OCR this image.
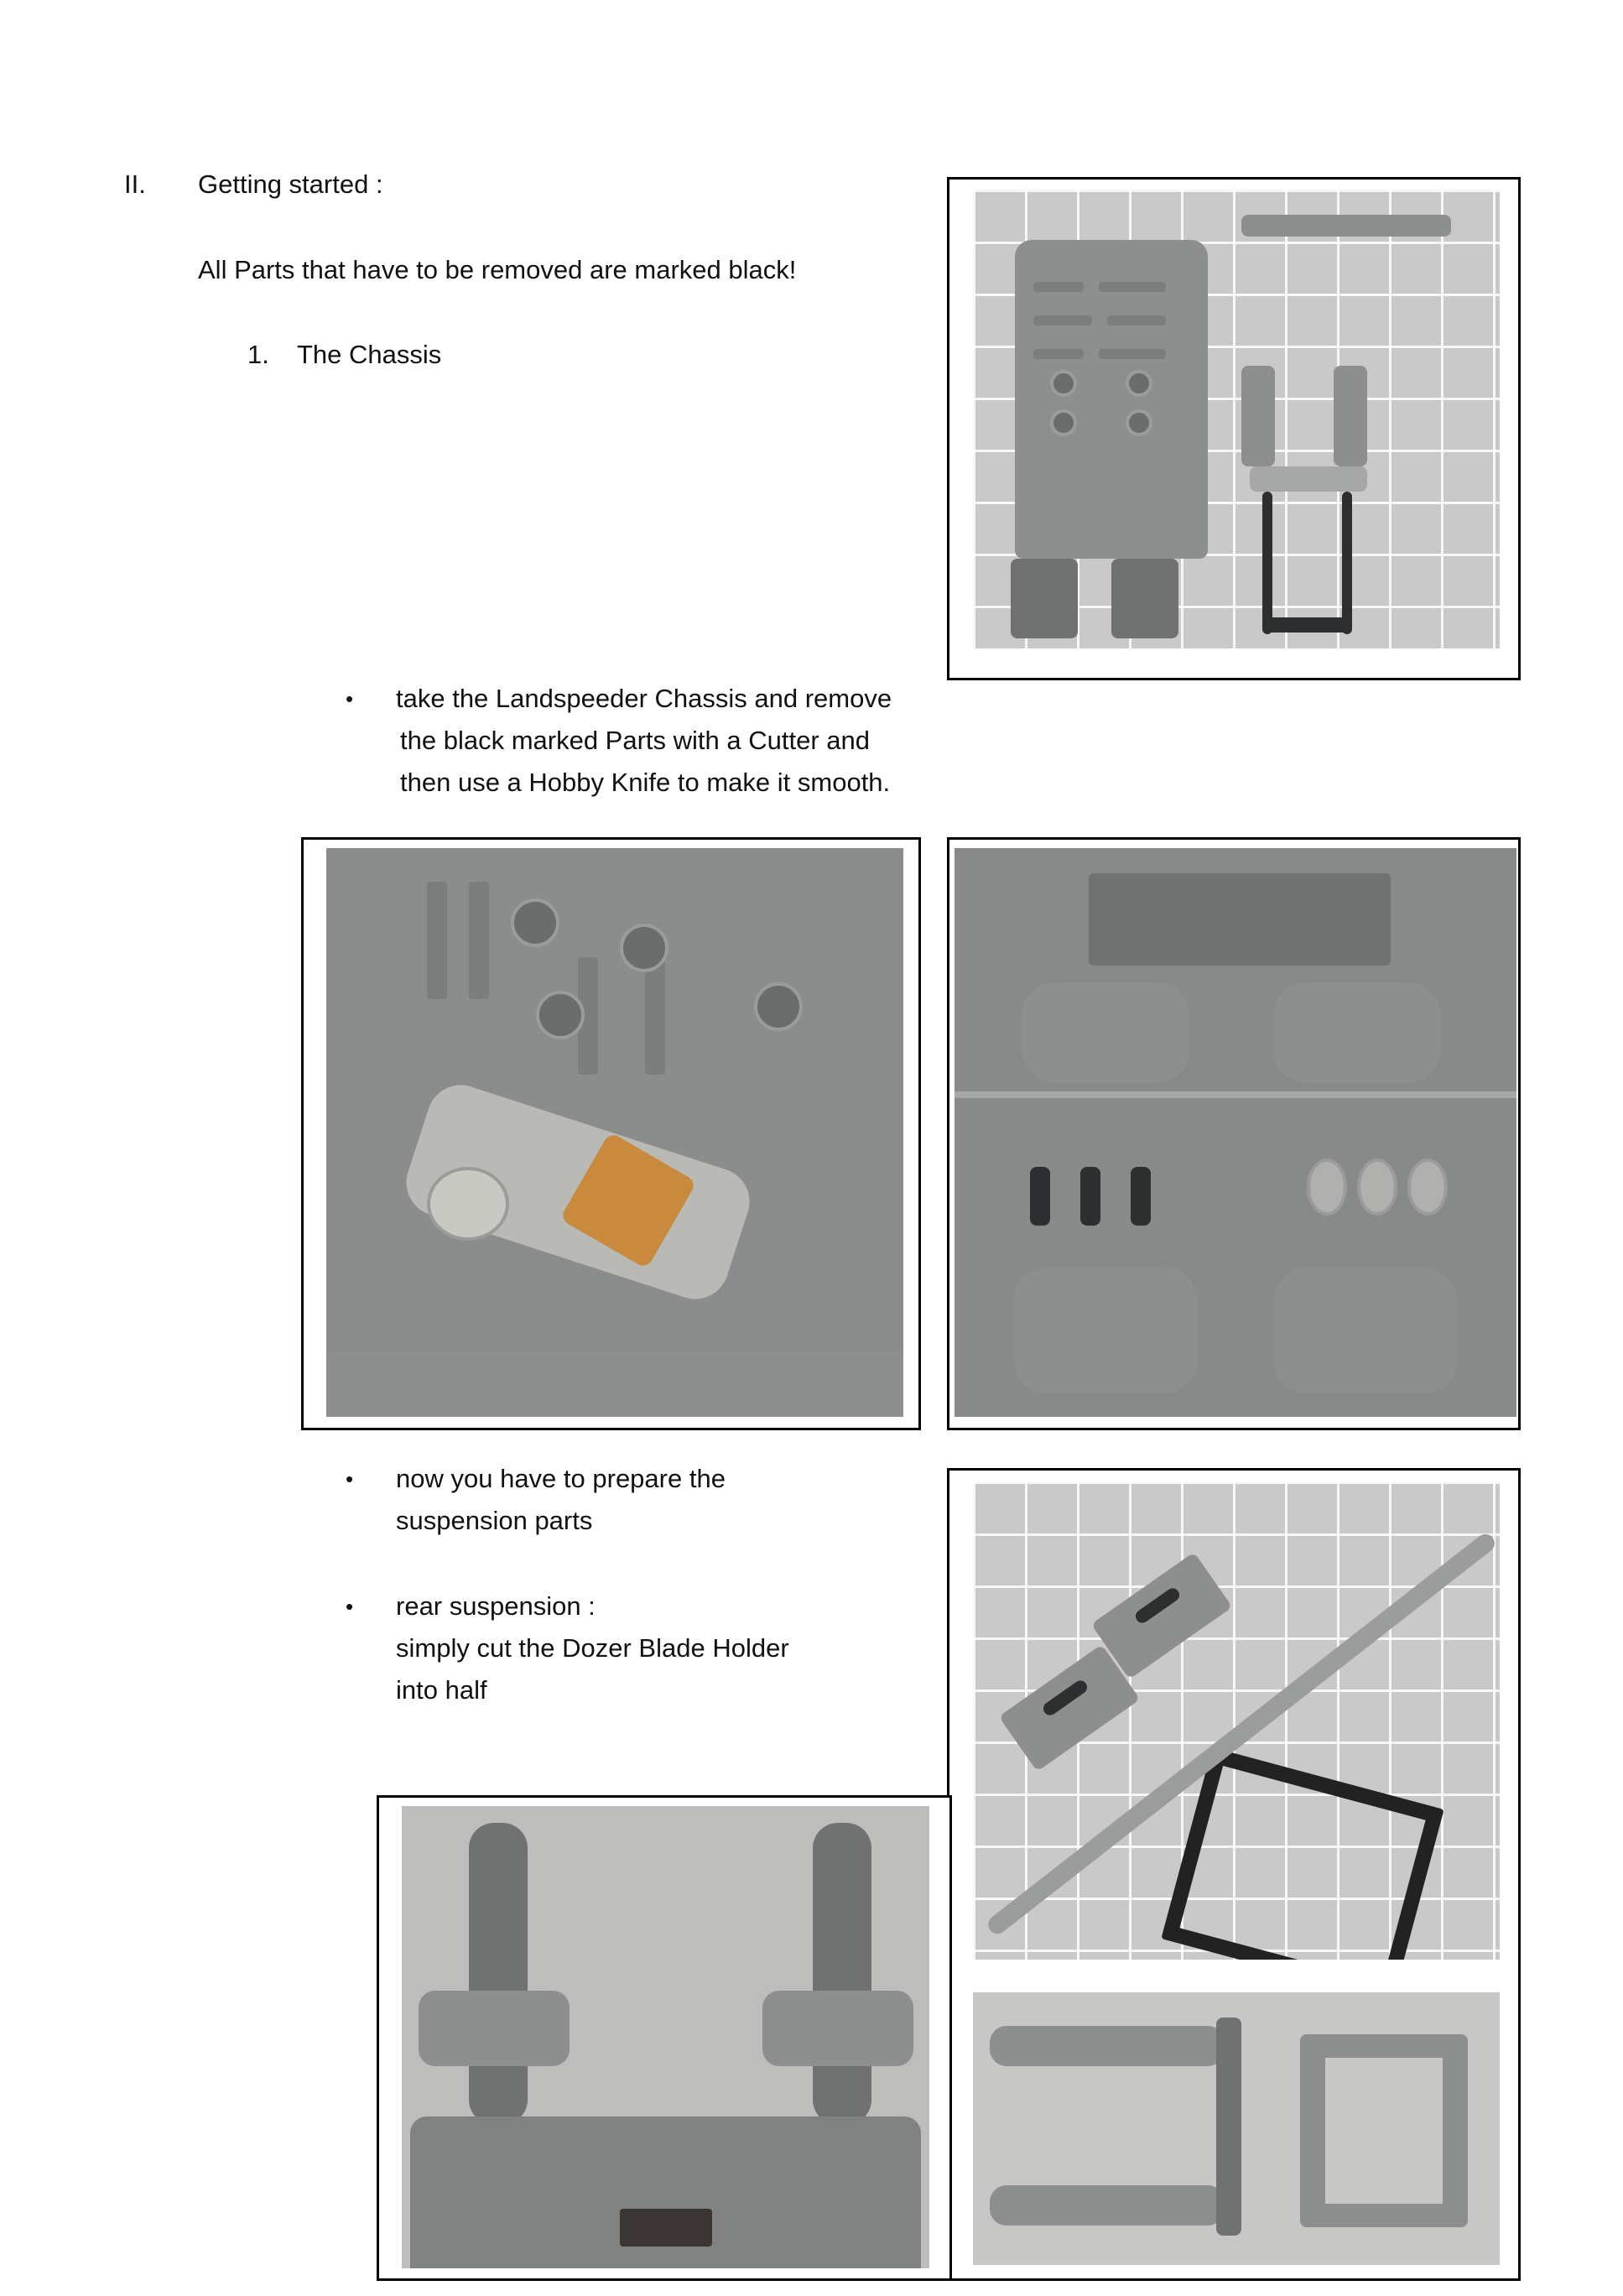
II. Getting started :
All Parts that have to be removed are marked black!
1. The Chassis
• take the Landspeeder Chassis and remove
the black marked Parts with a Cutter and
then use a Hobby Knife to make it smooth.
• now you have to prepare the
suspension parts
• rear suspension :
simply cut the Dozer Blade Holder
into half
